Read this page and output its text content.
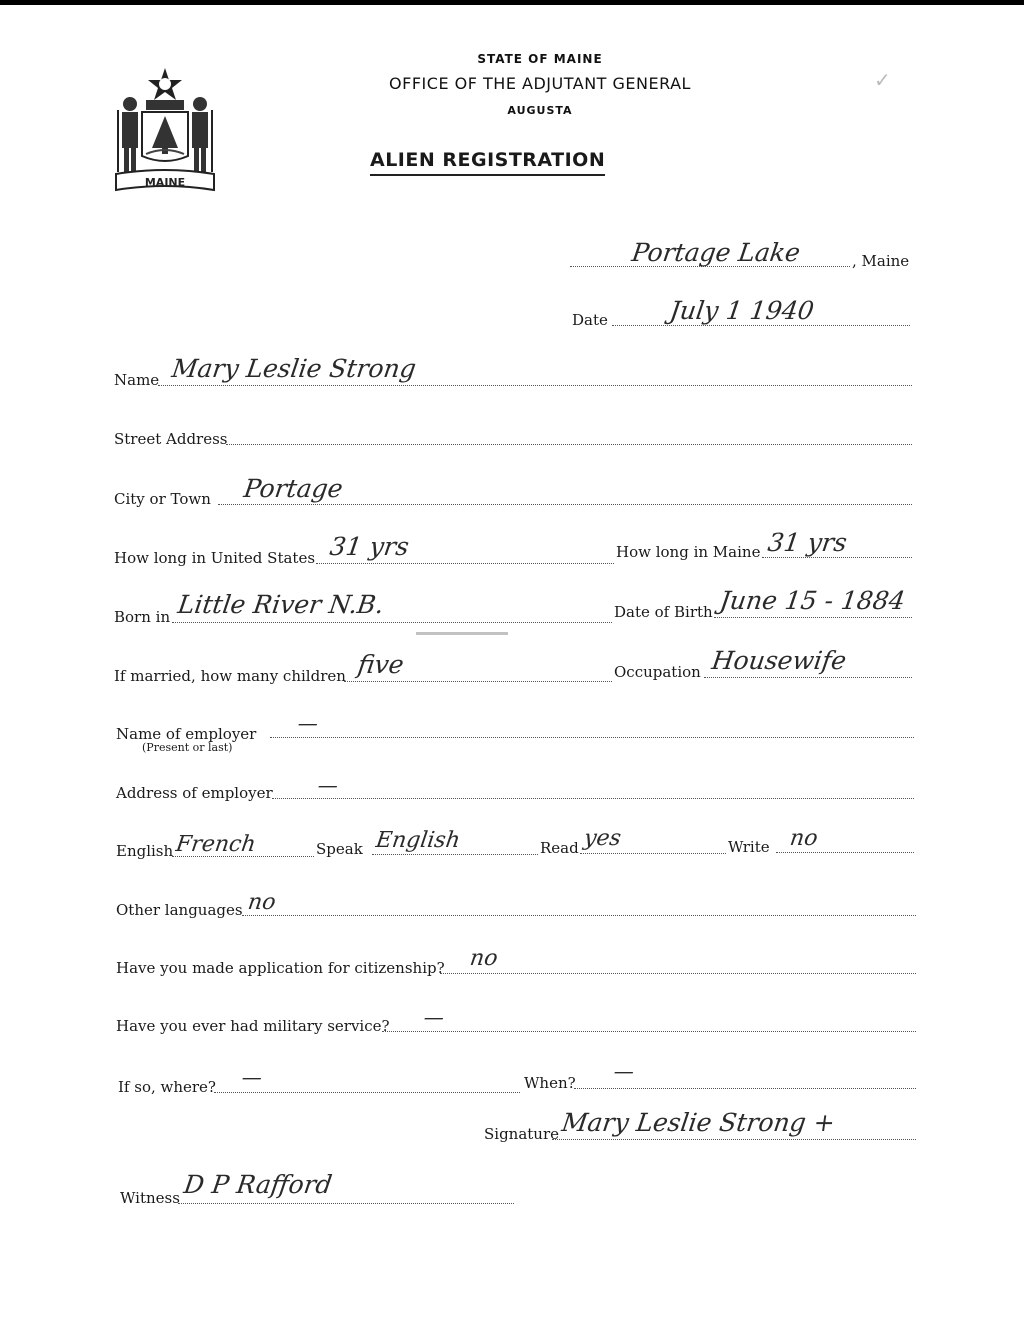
MAINE
STATE OF MAINE
OFFICE OF THE ADJUTANT GENERAL
AUGUSTA
ALIEN REGISTRATION
✓
Portage Lake	, Maine
Date July 1 1940
Name Mary Leslie Strong
Street Address
City or Town Portage
How long in United States 31 yrs	How long in Maine 31 yrs
Born in Little River N.B.	Date of Birth June 15 - 1884
If married, how many children five	Occupation Housewife
Name of employer
(Present or last)
—
Address of employer —
English French	Speak English	Read yes	Write no
Other languages no
Have you made application for citizenship? no
Have you ever had military service? —
If so, where? —	When? —
Signature Mary Leslie Strong +
Witness D P Rafford
